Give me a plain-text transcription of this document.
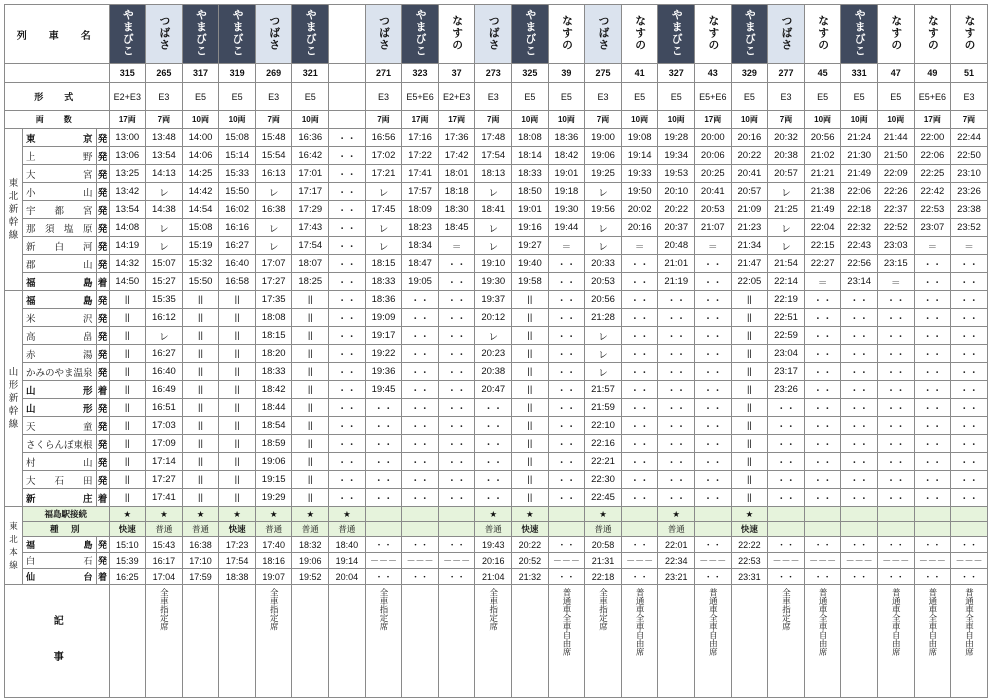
列　車　名			やまびこ	つばさ	やまびこ	やまびこ	つばさ	やまびこ		つばさ	やまびこ	なすの	つばさ	やまびこ	なすの	つばさ	なすの	やまびこ	なすの	やまびこ	つばさ	なすの	やまびこ	なすの	なすの	なすの
			315	265	317	319	269	321		271	323	37	273	325	39	275	41	327	43	329	277	45	331	47	49	51
形　式			E2+E3	E3	E5	E5	E3	E5		E3	E5+E6	E2+E3	E3	E5	E5	E3	E5	E5	E5+E6	E5	E3	E5	E5	E5	E5+E6	E3
両　数			17両	7両	10両	10両	7両	10両		7両	17両	17両	7両	10両	10両	7両	10両	10両	17両	10両	7両	10両	10両	10両	17両	7両

東
北
新
幹
線	東京	発	13:00	13:48	14:00	15:08	15:48	16:36	・・	16:56	17:16	17:36	17:48	18:08	18:36	19:00	19:08	19:28	20:00	20:16	20:32	20:56	21:24	21:44	22:00	22:44
	上野	発	13:06	13:54	14:06	15:14	15:54	16:42	・・	17:02	17:22	17:42	17:54	18:14	18:42	19:06	19:14	19:34	20:06	20:22	20:38	21:02	21:30	21:50	22:06	22:50
	大宮	発	13:25	14:13	14:25	15:33	16:13	17:01	・・	17:21	17:41	18:01	18:13	18:33	19:01	19:25	19:33	19:53	20:25	20:41	20:57	21:21	21:49	22:09	22:25	23:10
	小山	発	13:42	レ	14:42	15:50	レ	17:17	・・	レ	17:57	18:18	レ	18:50	19:18	レ	19:50	20:10	20:41	20:57	レ	21:38	22:06	22:26	22:42	23:26
	宇都宮	発	13:54	14:38	14:54	16:02	16:38	17:29	・・	17:45	18:09	18:30	18:41	19:01	19:30	19:56	20:02	20:22	20:53	21:09	21:25	21:49	22:18	22:37	22:53	23:38
	那須塩原	発	14:08	レ	15:08	16:16	レ	17:43	・・	レ	18:23	18:45	レ	19:16	19:44	レ	20:16	20:37	21:07	21:23	レ	22:04	22:32	22:52	23:07	23:52
	新白河	発	14:19	レ	15:19	16:27	レ	17:54	・・	レ	18:34	＝	レ	19:27	＝	レ	＝	20:48	＝	21:34	レ	22:15	22:43	23:03	＝	＝
	郡山	発	14:32	15:07	15:32	16:40	17:07	18:07	・・	18:15	18:47	・・	19:10	19:40	・・	20:33	・・	21:01	・・	21:47	21:54	22:27	22:56	23:15	・・	・・
	福島	着	14:50	15:27	15:50	16:58	17:27	18:25	・・	18:33	19:05	・・	19:30	19:58	・・	20:53	・・	21:19	・・	22:05	22:14	＝	23:14	＝	・・	・・

山
形
新
幹
線	福島	発	||	15:35	||	||	17:35	||	・・	18:36	・・	・・	19:37	||	・・	20:56	・・	・・	・・	||	22:19	・・	・・	・・	・・	・・
	米沢	発	||	16:12	||	||	18:08	||	・・	19:09	・・	・・	20:12	||	・・	21:28	・・	・・	・・	||	22:51	・・	・・	・・	・・	・・
	高畠	発	||	レ	||	||	18:15	||	・・	19:17	・・	・・	レ	||	・・	レ	・・	・・	・・	||	22:59	・・	・・	・・	・・	・・
	赤湯	発	||	16:27	||	||	18:20	||	・・	19:22	・・	・・	20:23	||	・・	レ	・・	・・	・・	||	23:04	・・	・・	・・	・・	・・
	かみのやま温泉	発	||	16:40	||	||	18:33	||	・・	19:36	・・	・・	20:38	||	・・	レ	・・	・・	・・	||	23:17	・・	・・	・・	・・	・・
	山形	着	||	16:49	||	||	18:42	||	・・	19:45	・・	・・	20:47	||	・・	21:57	・・	・・	・・	||	23:26	・・	・・	・・	・・	・・
	山形	発	||	16:51	||	||	18:44	||	・・	・・	・・	・・	・・	||	・・	21:59	・・	・・	・・	||	・・	・・	・・	・・	・・	・・
	天童	発	||	17:03	||	||	18:54	||	・・	・・	・・	・・	・・	||	・・	22:10	・・	・・	・・	||	・・	・・	・・	・・	・・	・・
	さくらんぼ東根	発	||	17:09	||	||	18:59	||	・・	・・	・・	・・	・・	||	・・	22:16	・・	・・	・・	||	・・	・・	・・	・・	・・	・・
	村山	発	||	17:14	||	||	19:06	||	・・	・・	・・	・・	・・	||	・・	22:21	・・	・・	・・	||	・・	・・	・・	・・	・・	・・
	大石田	発	||	17:27	||	||	19:15	||	・・	・・	・・	・・	・・	||	・・	22:30	・・	・・	・・	||	・・	・・	・・	・・	・・	・・
	新庄	着	||	17:41	||	||	19:29	||	・・	・・	・・	・・	・・	||	・・	22:45	・・	・・	・・	||	・・	・・	・・	・・	・・	・・

東
北
本
線	福島駅接続		★	★	★	★	★	★	★				★	★		★		★		★						
	種　別		快速	普通	普通	快速	普通	普通	普通				普通	快速		普通		普通		快速						
	福島	発	15:10	15:43	16:38	17:23	17:40	18:32	18:40	・・	・・	・・	19:43	20:22	・・	20:58	・・	22:01	・・	22:22	・・	・・	・・	・・	・・	・・
	白石	発	15:39	16:17	17:10	17:54	18:16	19:06	19:14	－－－	－－－	－－－	20:16	20:52	－－－	21:31	－－－	22:34	－－－	22:53	－－－	－－－	－－－	－－－	－－－	－－－
	仙台	着	16:25	17:04	17:59	18:38	19:07	19:52	20:04	・・	・・	・・	21:04	21:32	・・	22:18	・・	23:21	・・	23:31	・・	・・	・・	・・	・・	・・
記　事				全車指定席			全車指定席			全車指定席			全車指定席		普通車全車自由席	全車指定席	普通車全車自由席		普通車全車自由席		全車指定席	普通車全車自由席		普通車全車自由席	普通車全車自由席	普通車全車自由席
